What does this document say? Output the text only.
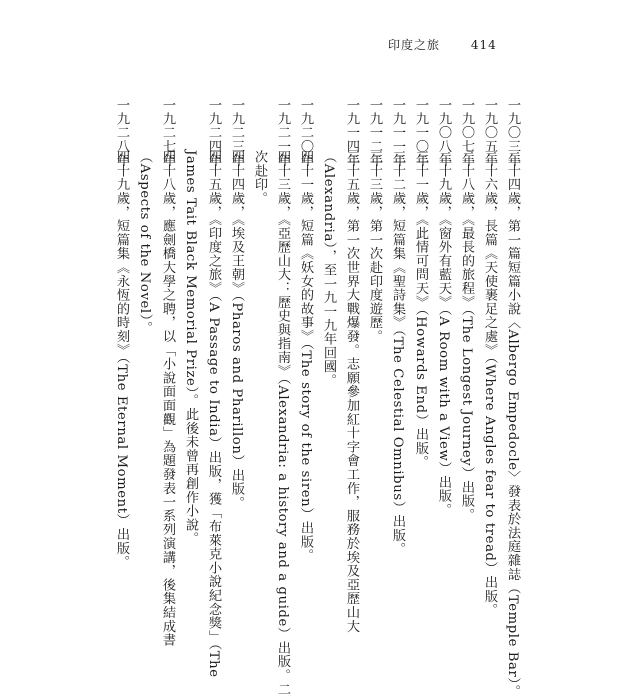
印度之旅	414
一九〇三年二十四歲，第一篇短篇小說〈Albergo Empedocle〉發表於法庭雜誌（Temple Bar）。
一九〇五年二十六歲，長篇《天使裹足之處》（Where Angles fear to tread）出版。
一九〇七年二十八歲，《最長的旅程》（The Longest Journey）出版。
一九〇八年二十九歲，《窗外有藍天》（A Room with a View）出版。
一九一〇年三十一歲，《此情可問天》（Howards End）出版。
一九一一年三十二歲，短篇集《聖詩集》（The Celestial Omnibus）出版。
一九一二年三十三歲，第一次赴印度遊歷。
一九一四年三十五歲，第一次世界大戰爆發。志願參加紅十字會工作，服務於埃及亞歷山大
（Alexandria），至一九一九年回國。
一九二〇年四十一歲，短篇《妖女的故事》（The story of the siren）出版。
一九二一年四十三歲，《亞歷山大：歷史與指南》（Alexandria: a history and a guide）出版。二
次赴印。
一九二三年四十四歲，《埃及王朝》（Pharos and Pharillon）出版。
一九二四年四十五歲，《印度之旅》（A Passage to India）出版，獲「布萊克小說紀念獎」（The
James Tait Black Memorial Prize）。此後未曾再創作小說。
一九二七年四十八歲，應劍橋大學之聘，以「小說面面觀」為題發表一系列演講，後集結成書
（Aspects of the Novel）。
一九二八年四十九歲，短篇集《永恆的時刻》（The Eternal Moment）出版。
